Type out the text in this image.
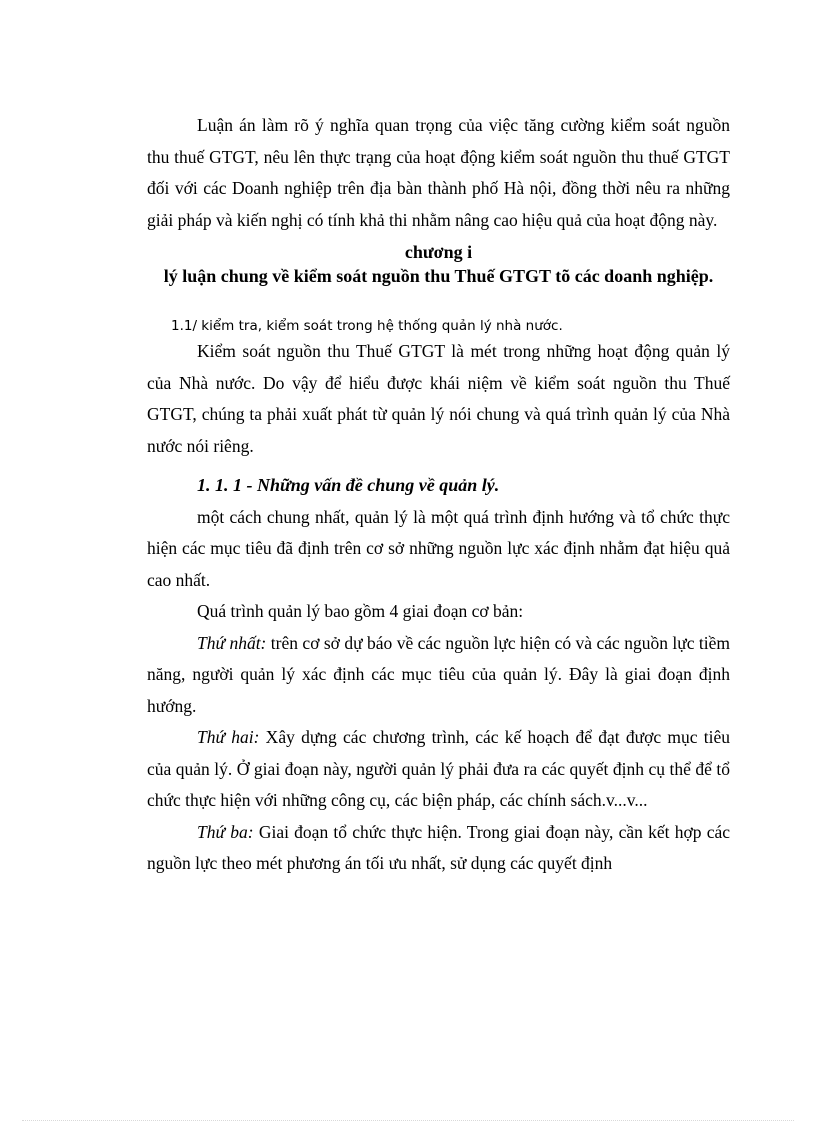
Luận án làm rõ ý nghĩa quan trọng của việc tăng cường kiểm soát nguồn thu thuế GTGT, nêu lên thực trạng của hoạt động kiểm soát nguồn thu thuế GTGT đối với các Doanh nghiệp trên địa bàn thành phố Hà nội, đồng thời nêu ra những giải pháp và kiến nghị có tính khả thi nhằm nâng cao hiệu quả của hoạt động này.

chương i

lý luận chung về kiểm soát nguồn thu Thuế GTGT tõ các doanh nghiệp.

1.1/ kiểm tra, kiểm soát trong hệ thống quản lý nhà nước.

Kiểm soát nguồn thu Thuế GTGT là mét trong những hoạt động quản lý của Nhà nước. Do vậy để hiểu được khái niệm về kiểm soát nguồn thu Thuế GTGT, chúng ta phải xuất phát từ quản lý nói chung và quá trình quản lý của Nhà nước nói riêng.

1. 1. 1 - Những vấn đề chung về quản lý.

một cách chung nhất, quản lý là một quá trình định hướng và tổ chức thực hiện các mục tiêu đã định trên cơ sở những nguồn lực xác định nhằm đạt hiệu quả cao nhất.

Quá trình quản lý bao gồm 4 giai đoạn cơ bản:

Thứ nhất: trên cơ sở dự báo về các nguồn lực hiện có và các nguồn lực tiềm năng, người quản lý xác định các mục tiêu của quản lý. Đây là giai đoạn định hướng.

Thứ hai: Xây dựng các chương trình, các kế hoạch để đạt được mục tiêu của quản lý. Ở giai đoạn này, người quản lý phải đưa ra các quyết định cụ thể để tổ chức thực hiện với những công cụ, các biện pháp, các chính sách.v...v...

Thứ ba: Giai đoạn tổ chức thực hiện. Trong giai đoạn này, cần kết hợp các nguồn lực theo mét phương án tối ưu nhất, sử dụng các quyết định
